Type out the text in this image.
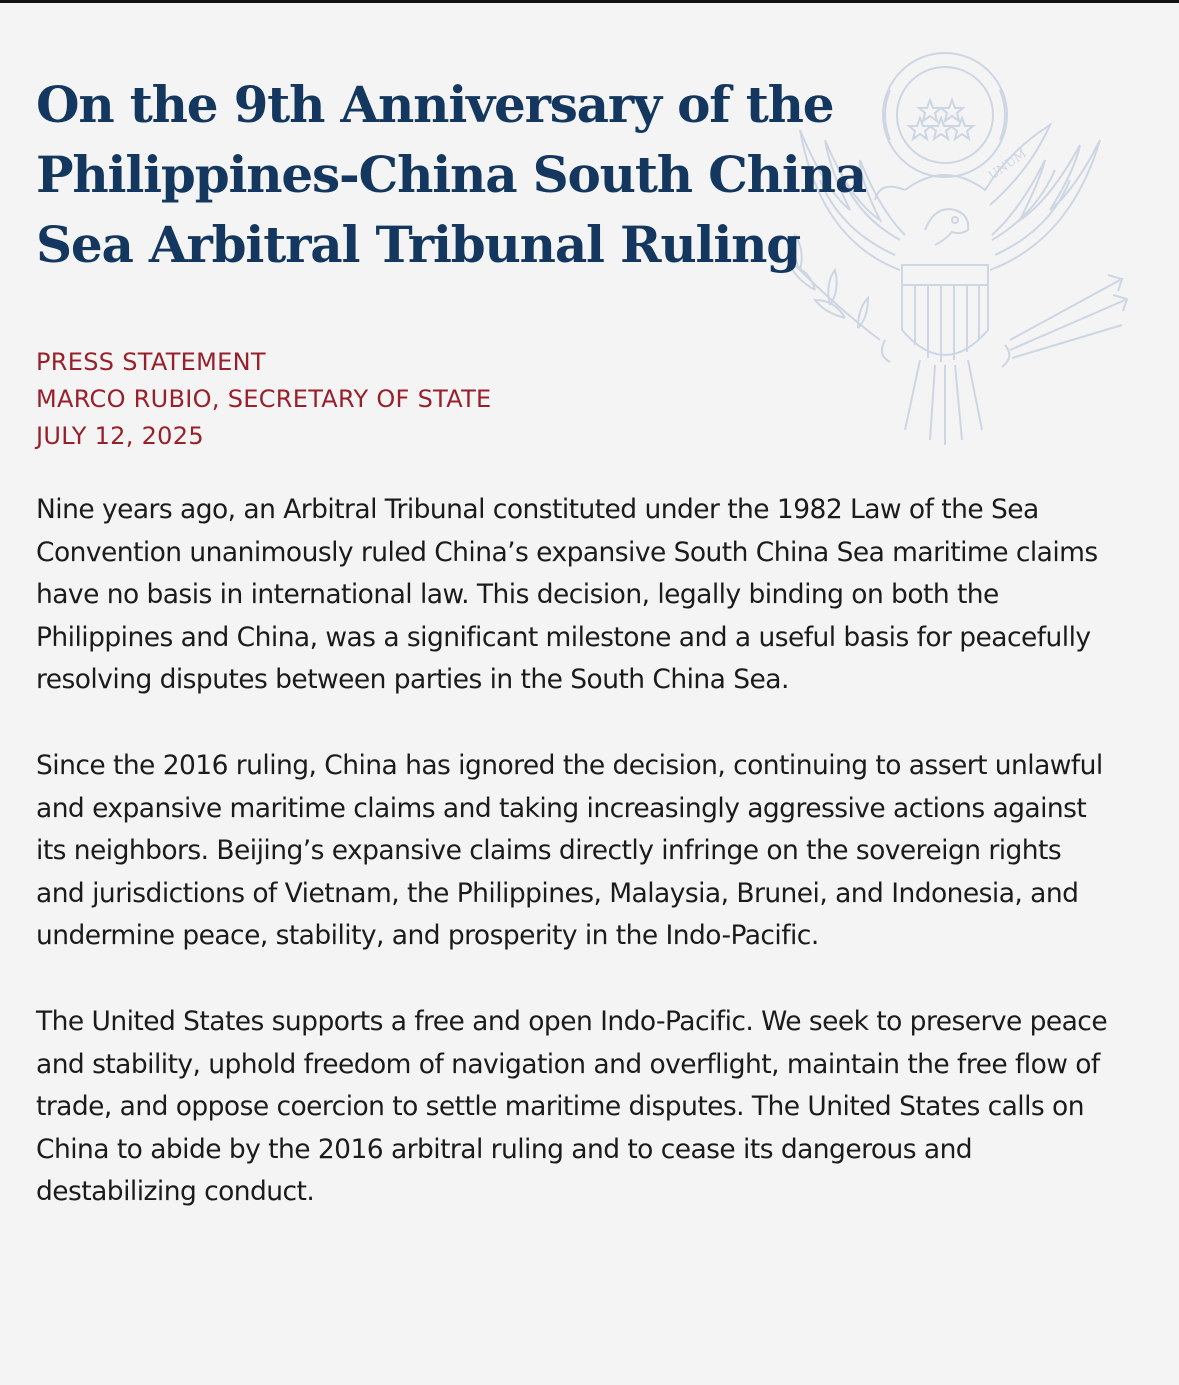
UNUM
On the 9th Anniversary of the Philippines-China South China Sea Arbitral Tribunal Ruling
PRESS STATEMENT
MARCO RUBIO, SECRETARY OF STATE
JULY 12, 2025

Nine years ago, an Arbitral Tribunal constituted under the 1982 Law of the Sea Convention unanimously ruled China’s expansive South China Sea maritime claims have no basis in international law. This decision, legally binding on both the Philippines and China, was a significant milestone and a useful basis for peacefully resolving disputes between parties in the South China Sea.

Since the 2016 ruling, China has ignored the decision, continuing to assert unlawful and expansive maritime claims and taking increasingly aggressive actions against its neighbors. Beijing’s expansive claims directly infringe on the sovereign rights and jurisdictions of Vietnam, the Philippines, Malaysia, Brunei, and Indonesia, and undermine peace, stability, and prosperity in the Indo-Pacific.

The United States supports a free and open Indo-Pacific. We seek to preserve peace and stability, uphold freedom of navigation and overflight, maintain the free flow of trade, and oppose coercion to settle maritime disputes. The United States calls on China to abide by the 2016 arbitral ruling and to cease its dangerous and destabilizing conduct.
